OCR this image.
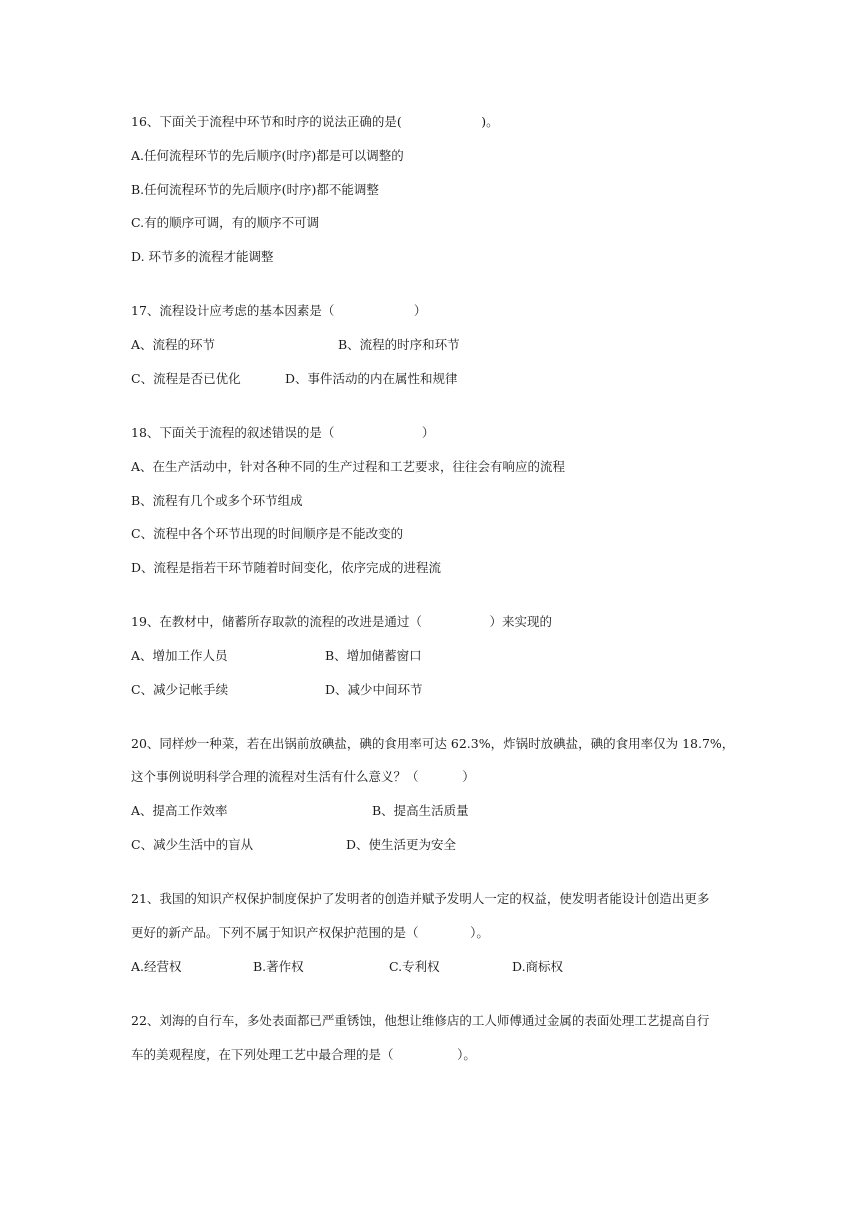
16、下面关于流程中环节和时序的说法正确的是(                    )。

A.任何流程环节的先后顺序(时序)都是可以调整的

B.任何流程环节的先后顺序(时序)都不能调整

C.有的顺序可调，有的顺序不可调

D. 环节多的流程才能调整

17、流程设计应考虑的基本因素是（                    ）

A、流程的环节	B、流程的时序和环节

C、流程是否已优化	D、事件活动的内在属性和规律

18、下面关于流程的叙述错误的是（                      ）

A、在生产活动中，针对各种不同的生产过程和工艺要求，往往会有响应的流程

B、流程有几个或多个环节组成

C、流程中各个环节出现的时间顺序是不能改变的

D、流程是指若干环节随着时间变化，依序完成的进程流

19、在教材中，储蓄所存取款的流程的改进是通过（                 ）来实现的

A、增加工作人员	B、增加储蓄窗口

C、减少记帐手续	D、减少中间环节

20、同样炒一种菜，若在出锅前放碘盐，碘的食用率可达 62.3%，炸锅时放碘盐，碘的食用率仅为 18.7%，

这个事例说明科学合理的流程对生活有什么意义？（           ）

A、提高工作效率	B、提高生活质量

C、减少生活中的盲从	D、使生活更为安全

21、我国的知识产权保护制度保护了发明者的创造并赋予发明人一定的权益，使发明者能设计创造出更多

更好的新产品。下列不属于知识产权保护范围的是（             ）。

A.经营权	B.著作权	C.专利权	D.商标权

22、刘海的自行车，多处表面都已严重锈蚀，他想让维修店的工人师傅通过金属的表面处理工艺提高自行

车的美观程度，在下列处理工艺中最合理的是（                ）。
